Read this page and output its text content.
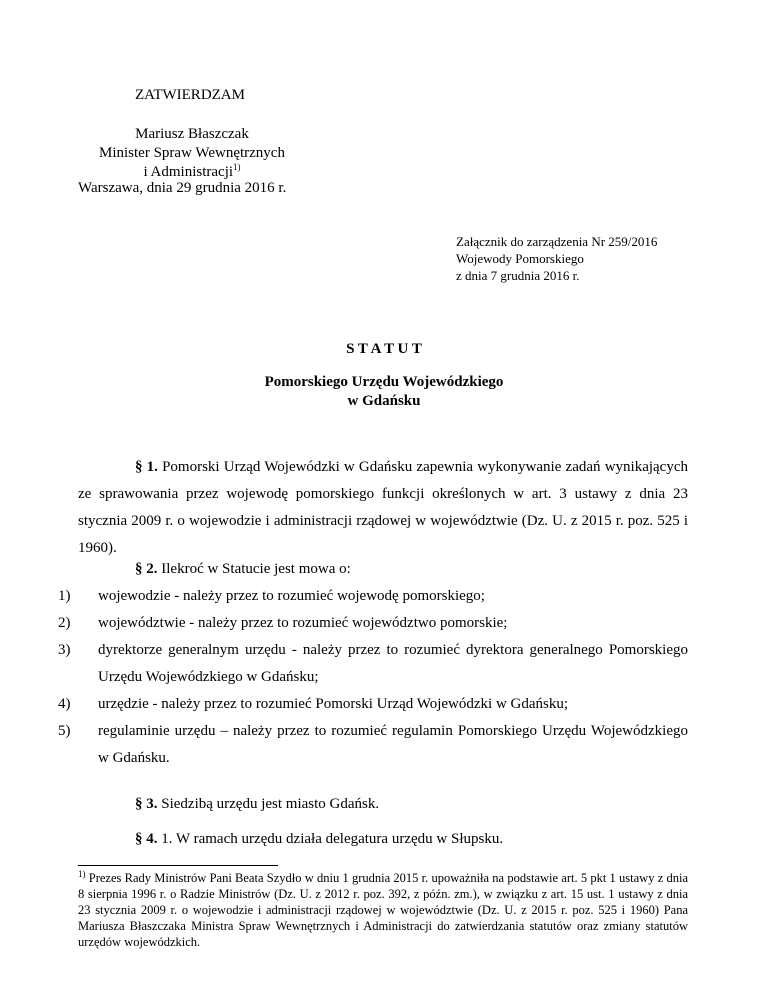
ZATWIERDZAM
Mariusz Błaszczak
Minister Spraw Wewnętrznych
i Administracji$^{1)}$
Warszawa, dnia 29 grudnia 2016 r.
Załącznik do zarządzenia Nr 259/2016
Wojewody Pomorskiego
z dnia 7 grudnia 2016 r.
S T A T U T
Pomorskiego Urzędu Wojewódzkiego
w Gdańsku
§ 1. Pomorski Urząd Wojewódzki w Gdańsku zapewnia wykonywanie zadań wynikających ze sprawowania przez wojewodę pomorskiego funkcji określonych w art. 3 ustawy z dnia 23 stycznia 2009 r. o wojewodzie i administracji rządowej w województwie (Dz. U. z 2015 r. poz. 525 i 1960).
§ 2. Ilekroć w Statucie jest mowa o:
1) wojewodzie - należy przez to rozumieć wojewodę pomorskiego;
2) województwie - należy przez to rozumieć województwo pomorskie;
3) dyrektorze generalnym urzędu - należy przez to rozumieć dyrektora generalnego Pomorskiego Urzędu Wojewódzkiego w Gdańsku;
4) urzędzie - należy przez to rozumieć Pomorski Urząd Wojewódzki w Gdańsku;
5) regulaminie urzędu – należy przez to rozumieć regulamin Pomorskiego Urzędu Wojewódzkiego w Gdańsku.
§ 3. Siedzibą urzędu jest miasto Gdańsk.
§ 4. 1. W ramach urzędu działa delegatura urzędu w Słupsku.
$^{1)}$ Prezes Rady Ministrów Pani Beata Szydło w dniu 1 grudnia 2015 r. upoważniła na podstawie art. 5 pkt 1 ustawy z dnia 8 sierpnia 1996 r. o Radzie Ministrów (Dz. U. z 2012 r. poz. 392, z późn. zm.), w związku z art. 15 ust. 1 ustawy z dnia 23 stycznia 2009 r. o wojewodzie i administracji rządowej w województwie (Dz. U. z 2015 r. poz. 525 i 1960) Pana Mariusza Błaszczaka Ministra Spraw Wewnętrznych i Administracji do zatwierdzania statutów oraz zmiany statutów urzędów wojewódzkich.
